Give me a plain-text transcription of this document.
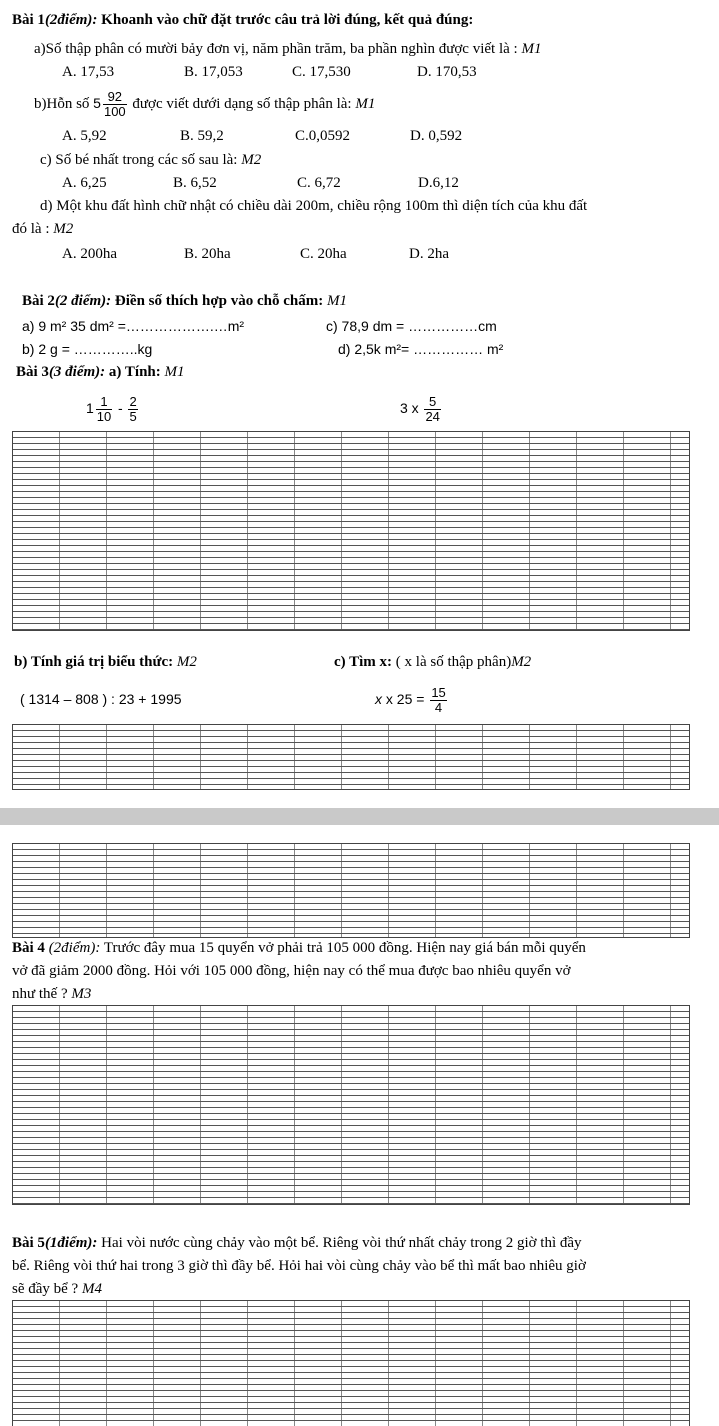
Bài 1(2điểm): Khoanh vào chữ đặt trước câu trả lời đúng, kết quả đúng:
a)Số thập phân có mười bảy đơn vị, năm phần trăm, ba phần nghìn được viết là : M1
A. 17,53	B. 17,053	C. 17,530	D. 170,53
b)Hỗn số $5 \frac{92}{100}$ được viết dưới dạng số thập phân là: M1
A. 5,92	B. 59,2	C.0,0592	D. 0,592
c) Số bé nhất trong các số sau là: M2
A. 6,25	B. 6,52	C. 6,72	D.6,12
d) Một khu đất hình chữ nhật có chiều dài 200m, chiều rộng 100m thì diện tích của khu đất
đó là : M2
A. 200ha	B. 20ha	C. 20ha	D. 2ha
Bài 2(2 điểm): Điền số thích hợp vào chỗ chấm: M1
a) 9 m² 35 dm² =……………….…m²	c) 78,9 dm = ……………cm
b) 2 g = …………..kg	d) 2,5k m²= …………… m²
Bài 3(3 điểm): a) Tính: M1
$1 \frac{1}{10} - \frac{2}{5}$	3 x $\frac{5}{24}$
b) Tính giá trị biểu thức: M2	c) Tìm x: ( x là số thập phân)M2
( 1314 – 808 ) : 23 + 1995	x x $25 = \frac{15}{4}$
Bài 4 (2điểm): Trước đây mua 15 quyển vở phải trả 105 000 đồng. Hiện nay giá bán mỗi quyển
vở đã giảm 2000 đồng. Hỏi với 105 000 đồng, hiện nay có thể mua được bao nhiêu quyển vở
như thế ? M3
Bài 5(1điểm): Hai vòi nước cùng chảy vào một bể. Riêng vòi thứ nhất chảy trong 2 giờ thì đầy
bể. Riêng vòi thứ hai trong 3 giờ thì đầy bể. Hỏi hai vòi cùng chảy vào bể thì mất bao nhiêu giờ
sẽ đầy bể ? M4
